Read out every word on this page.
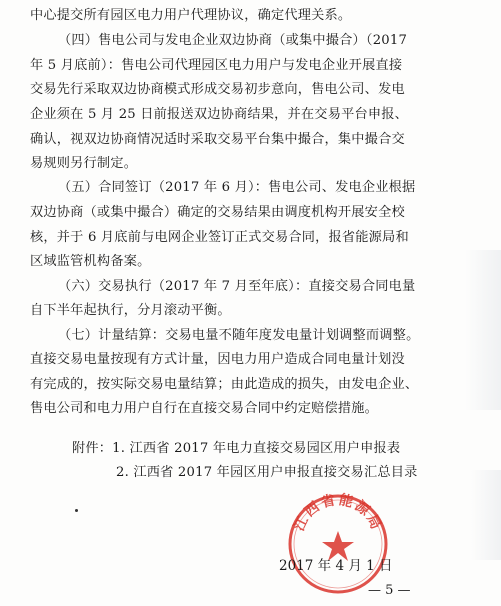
中心提交所有园区电力用户代理协议，确定代理关系。
（四）售电公司与发电企业双边协商（或集中撮合）（2017
年 5 月底前）：售电公司代理园区电力用户与发电企业开展直接
交易先行采取双边协商模式形成交易初步意向，售电公司、发电
企业须在 5 月 25 日前报送双边协商结果，并在交易平台申报、
确认，视双边协商情况适时采取交易平台集中撮合，集中撮合交
易规则另行制定。
（五）合同签订（2017 年 6 月）：售电公司、发电企业根据
双边协商（或集中撮合）确定的交易结果由调度机构开展安全校
核，并于 6 月底前与电网企业签订正式交易合同，报省能源局和
区域监管机构备案。
（六）交易执行（2017 年 7 月至年底）：直接交易合同电量
自下半年起执行，分月滚动平衡。
（七）计量结算：交易电量不随年度发电量计划调整而调整。
直接交易电量按现有方式计量，因电力用户造成合同电量计划没
有完成的，按实际交易电量结算；由此造成的损失，由发电企业、
售电公司和电力用户自行在直接交易合同中约定赔偿措施。
附件：1. 江西省 2017 年电力直接交易园区用户申报表
2. 江西省 2017 年园区用户申报直接交易汇总目录
江西省能源局
2017 年 4 月 1 日
— 5 —
